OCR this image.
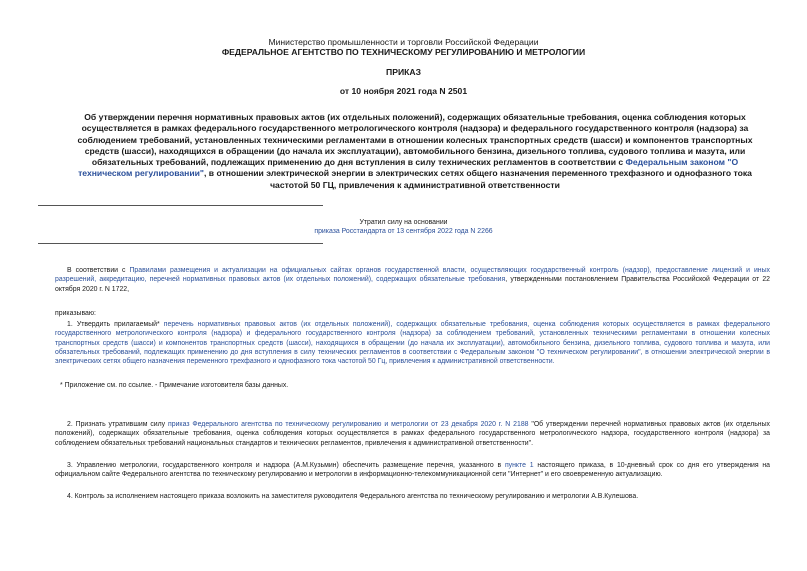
Министерство промышленности и торговли Российской Федерации
ФЕДЕРАЛЬНОЕ АГЕНТСТВО ПО ТЕХНИЧЕСКОМУ РЕГУЛИРОВАНИЮ И МЕТРОЛОГИИ
ПРИКАЗ
от 10 ноября 2021 года N 2501
Об утверждении перечня нормативных правовых актов (их отдельных положений), содержащих обязательные требования, оценка соблюдения которых осуществляется в рамках федерального государственного метрологического контроля (надзора) и федерального государственного контроля (надзора) за соблюдением требований, установленных техническими регламентами в отношении колесных транспортных средств (шасси) и компонентов транспортных средств (шасси), находящихся в обращении (до начала их эксплуатации), автомобильного бензина, дизельного топлива, судового топлива и мазута, или обязательных требований, подлежащих применению до дня вступления в силу технических регламентов в соответствии с Федеральным законом "О техническом регулировании", в отношении электрической энергии в электрических сетях общего назначения переменного трехфазного и однофазного тока частотой 50 ГЦ, привлечения к административной ответственности
Утратил силу на основании
приказа Росстандарта от 13 сентября 2022 года N 2266
В соответствии с Правилами размещения и актуализации на официальных сайтах органов государственной власти, осуществляющих государственный контроль (надзор), предоставление лицензий и иных разрешений, аккредитацию, перечней нормативных правовых актов (их отдельных положений), содержащих обязательные требования, утвержденными постановлением Правительства Российской Федерации от 22 октября 2020 г. N 1722,
приказываю:
1. Утвердить прилагаемый* перечень нормативных правовых актов (их отдельных положений), содержащих обязательные требования, оценка соблюдения которых осуществляется в рамках федерального государственного метрологического контроля (надзора) и федерального государственного контроля (надзора) за соблюдением требований, установленных техническими регламентами в отношении колесных транспортных средств (шасси) и компонентов транспортных средств (шасси), находящихся в обращении (до начала их эксплуатации), автомобильного бензина, дизельного топлива, судового топлива и мазута, или обязательных требований, подлежащих применению до дня вступления в силу технических регламентов в соответствии с Федеральным законом "О техническом регулировании", в отношении электрической энергии в электрических сетях общего назначения переменного трехфазного и однофазного тока частотой 50 Гц, привлечения к административной ответственности.
* Приложение см. по ссылке. - Примечание изготовителя базы данных.
2. Признать утратившим силу приказ Федерального агентства по техническому регулированию и метрологии от 23 декабря 2020 г. N 2188 "Об утверждении перечней нормативных правовых актов (их отдельных положений), содержащих обязательные требования, оценка соблюдения которых осуществляется в рамках федерального государственного метрологического надзора, государственного контроля (надзора) за соблюдением обязательных требований национальных стандартов и технических регламентов, привлечения к административной ответственности".
3. Управлению метрологии, государственного контроля и надзора (А.М.Кузьмин) обеспечить размещение перечня, указанного в пункте 1 настоящего приказа, в 10-дневный срок со дня его утверждения на официальном сайте Федерального агентства по техническому регулированию и метрологии в информационно-телекоммуникационной сети "Интернет" и его своевременную актуализацию.
4. Контроль за исполнением настоящего приказа возложить на заместителя руководителя Федерального агентства по техническому регулированию и метрологии А.В.Кулешова.
